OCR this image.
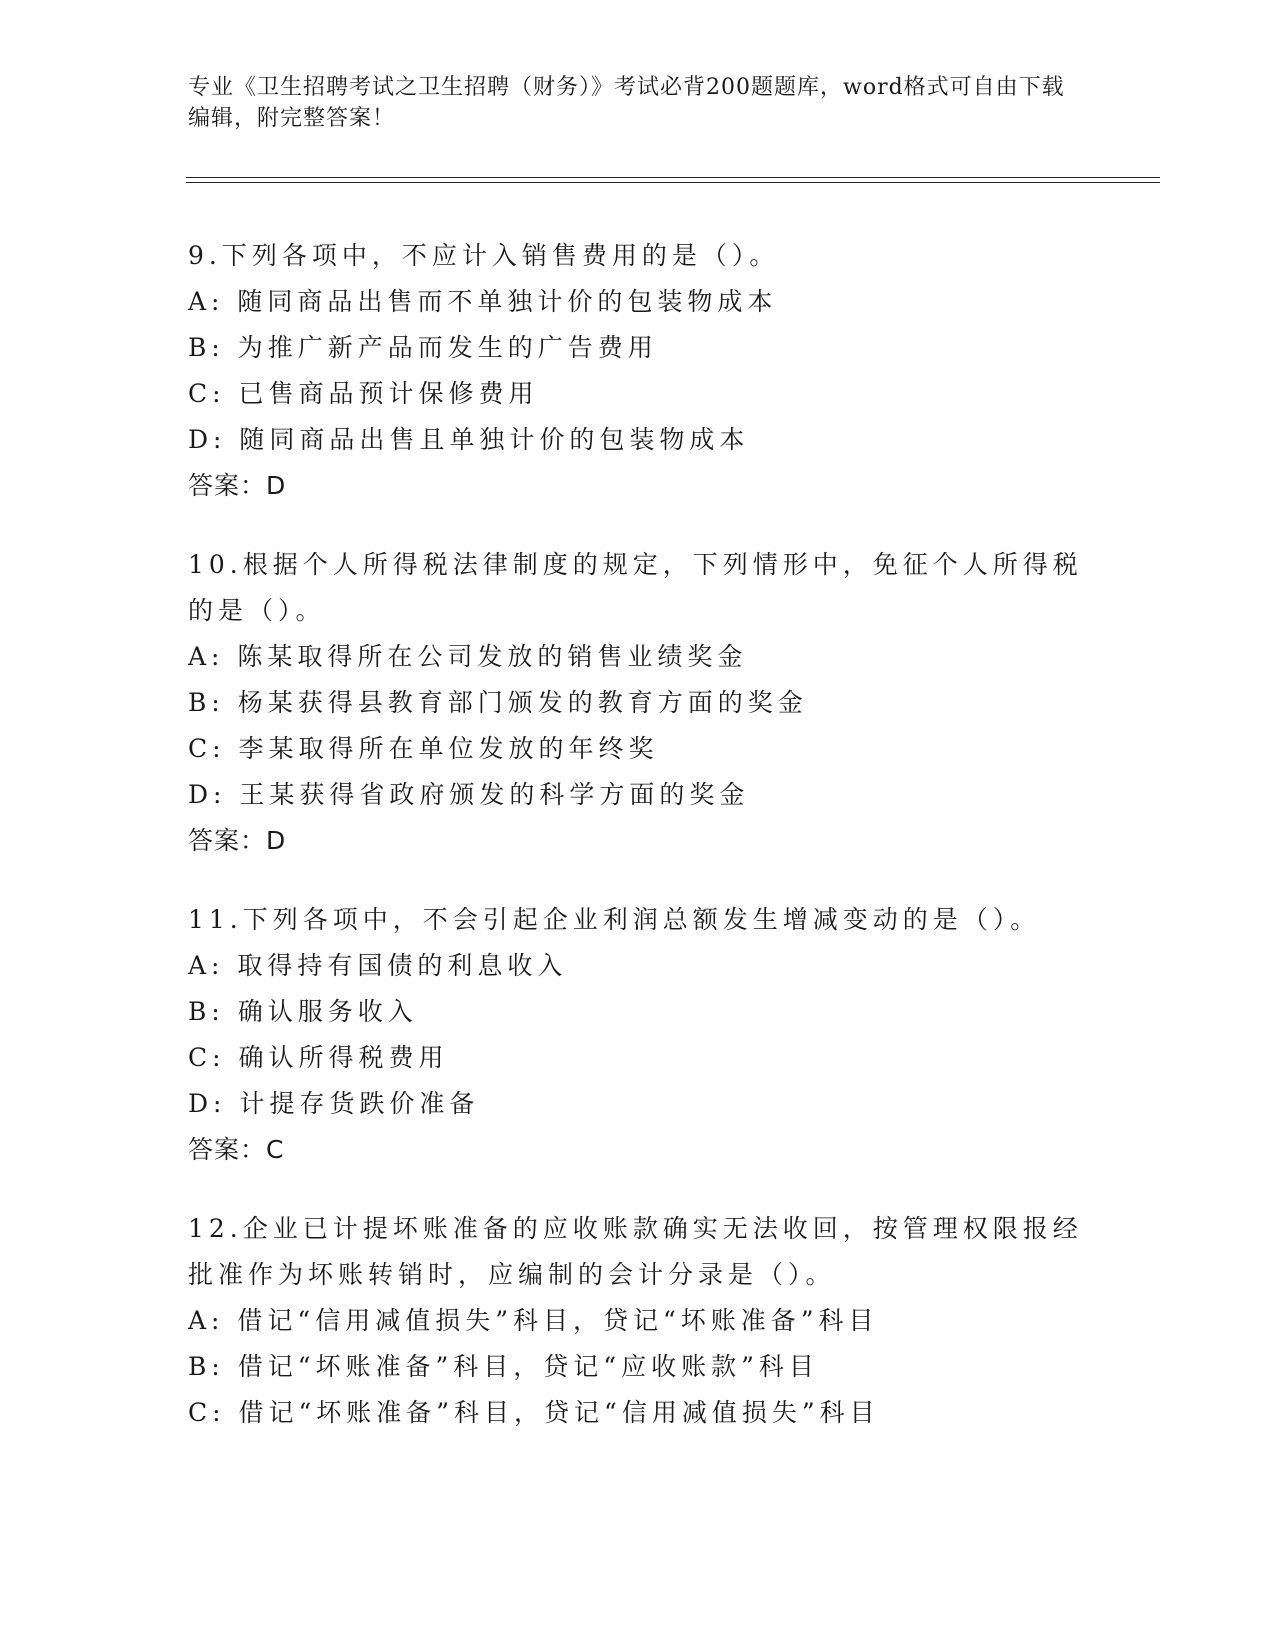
专业《卫生招聘考试之卫生招聘（财务）》考试必背200题题库，word格式可自由下载编辑，附完整答案！
9.下列各项中，不应计入销售费用的是（）。
A: 随同商品出售而不单独计价的包装物成本
B: 为推广新产品而发生的广告费用
C: 已售商品预计保修费用
D: 随同商品出售且单独计价的包装物成本
答案：D
10.根据个人所得税法律制度的规定，下列情形中，免征个人所得税的是（）。
A: 陈某取得所在公司发放的销售业绩奖金
B: 杨某获得县教育部门颁发的教育方面的奖金
C: 李某取得所在单位发放的年终奖
D: 王某获得省政府颁发的科学方面的奖金
答案：D
11.下列各项中，不会引起企业利润总额发生增减变动的是（）。
A: 取得持有国债的利息收入
B: 确认服务收入
C: 确认所得税费用
D: 计提存货跌价准备
答案：C
12.企业已计提坏账准备的应收账款确实无法收回，按管理权限报经批准作为坏账转销时，应编制的会计分录是（）。
A: 借记“信用减值损失”科目，贷记“坏账准备”科目
B: 借记“坏账准备”科目，贷记“应收账款”科目
C: 借记“坏账准备”科目，贷记“信用减值损失”科目
